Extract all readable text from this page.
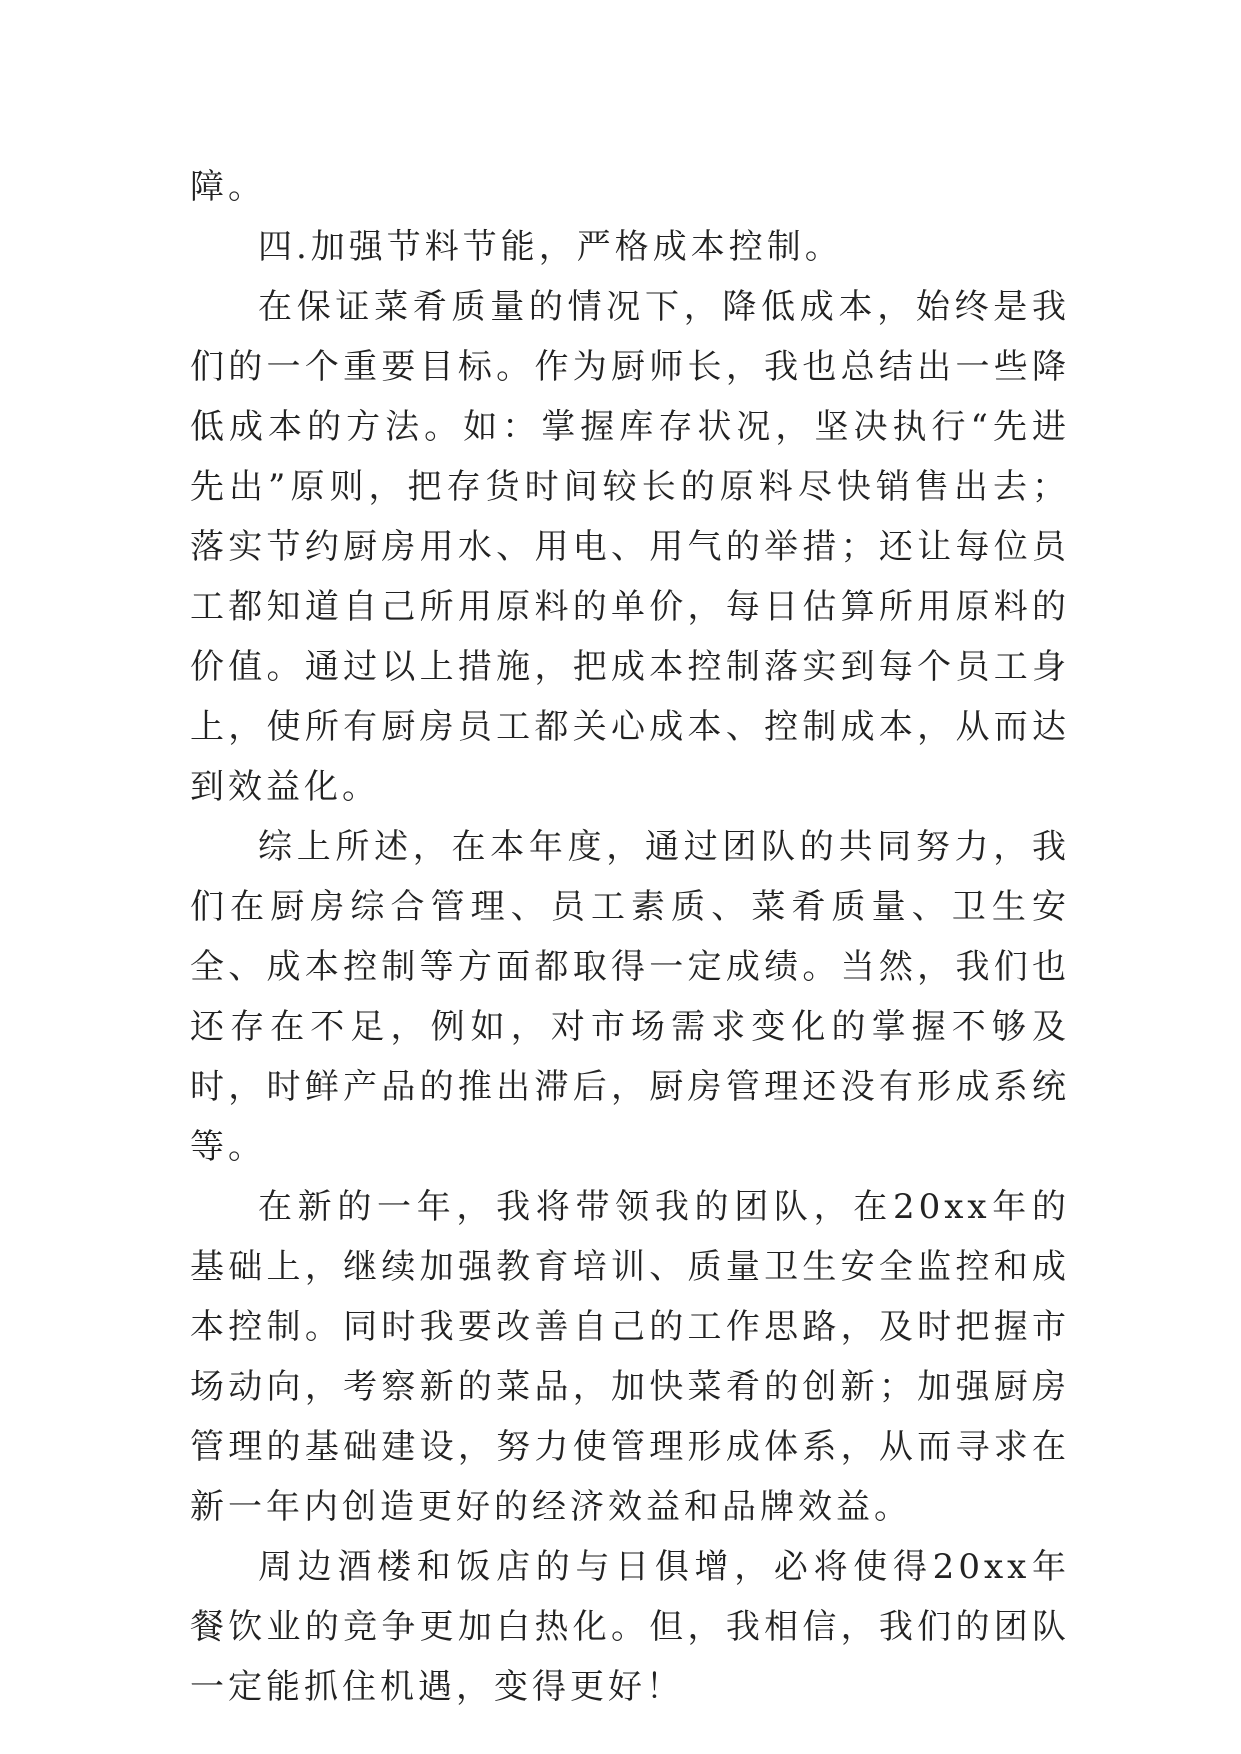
障。

四.加强节料节能，严格成本控制。

在保证菜肴质量的情况下，降低成本，始终是我们的一个重要目标。作为厨师长，我也总结出一些降低成本的方法。如：掌握库存状况，坚决执行“先进先出”原则，把存货时间较长的原料尽快销售出去；落实节约厨房用水、用电、用气的举措；还让每位员工都知道自己所用原料的单价，每日估算所用原料的价值。通过以上措施，把成本控制落实到每个员工身上，使所有厨房员工都关心成本、控制成本，从而达到效益化。

综上所述，在本年度，通过团队的共同努力，我们在厨房综合管理、员工素质、菜肴质量、卫生安全、成本控制等方面都取得一定成绩。当然，我们也还存在不足，例如，对市场需求变化的掌握不够及时，时鲜产品的推出滞后，厨房管理还没有形成系统等。

在新的一年，我将带领我的团队，在20xx年的基础上，继续加强教育培训、质量卫生安全监控和成本控制。同时我要改善自己的工作思路，及时把握市场动向，考察新的菜品，加快菜肴的创新；加强厨房管理的基础建设，努力使管理形成体系，从而寻求在新一年内创造更好的经济效益和品牌效益。

周边酒楼和饭店的与日俱增，必将使得20xx年餐饮业的竞争更加白热化。但，我相信，我们的团队一定能抓住机遇，变得更好！
